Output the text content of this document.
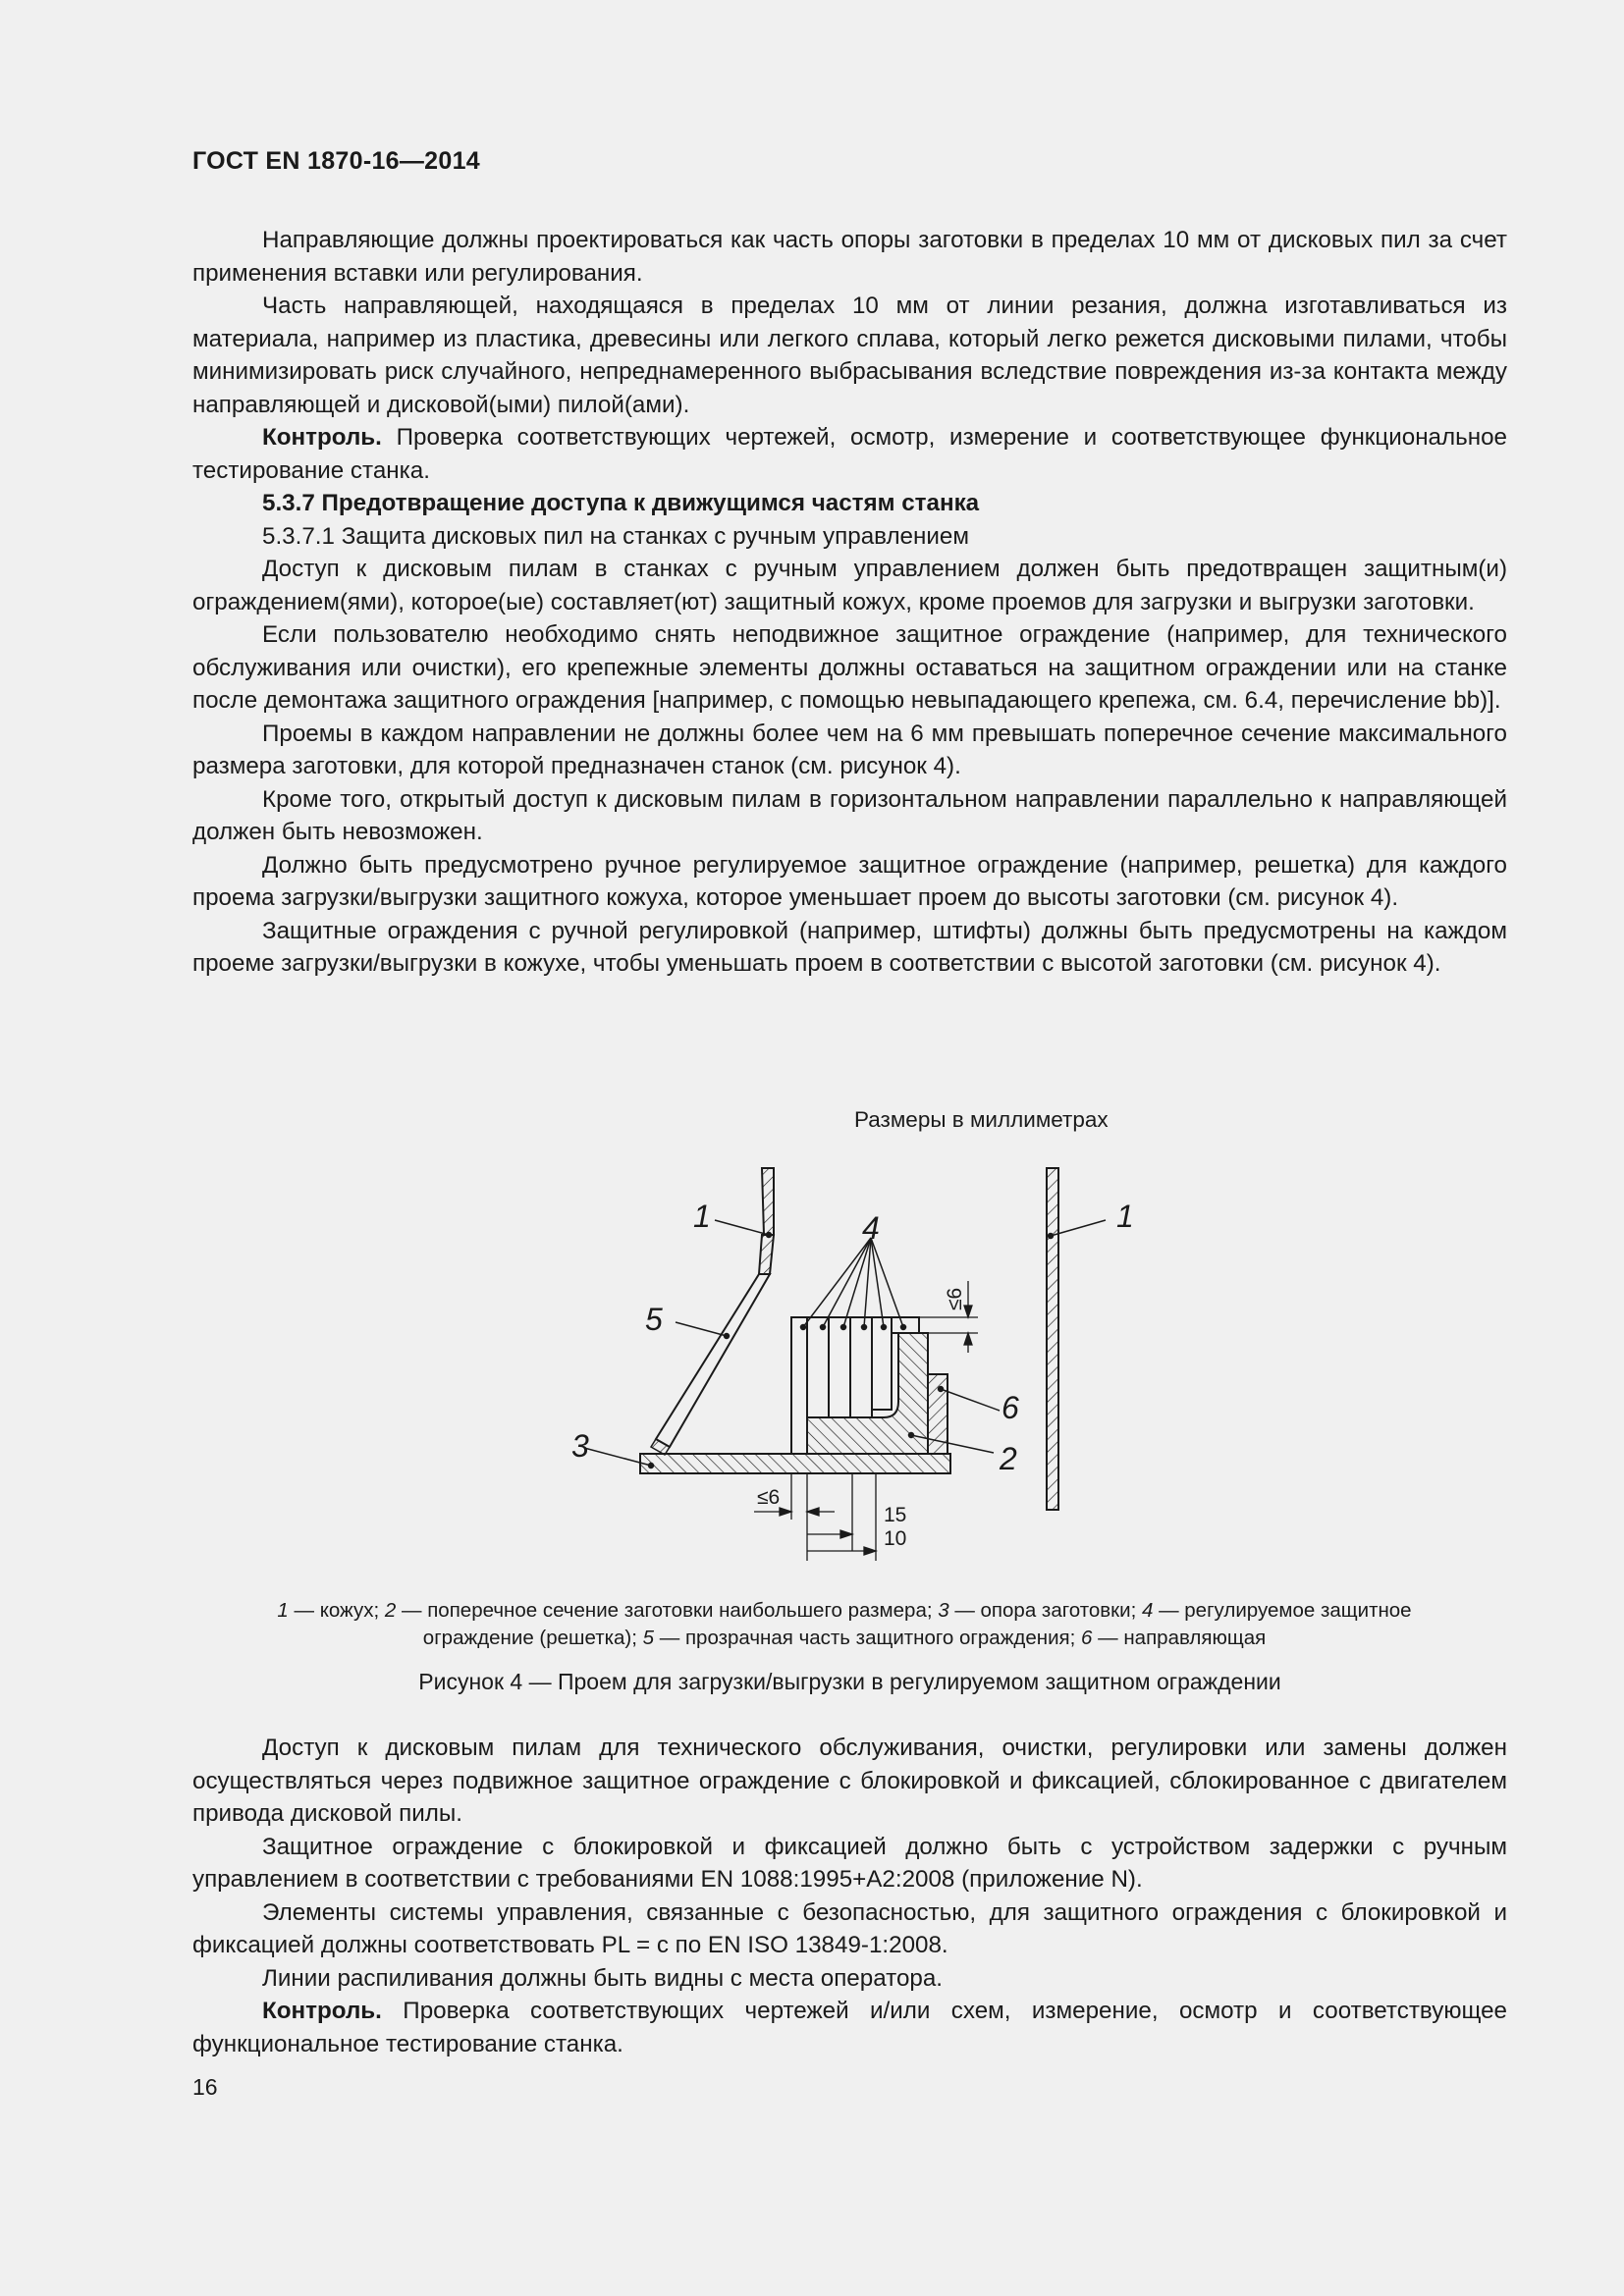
ГОСТ EN 1870-16—2014

Направляющие должны проектироваться как часть опоры заготовки в пределах 10 мм от дисковых пил за счет применения вставки или регулирования.

Часть направляющей, находящаяся в пределах 10 мм от линии резания, должна изготавливаться из материала, например из пластика, древесины или легкого сплава, который легко режется дисковыми пилами, чтобы минимизировать риск случайного, непреднамеренного выбрасывания вследствие повреждения из-за контакта между направляющей и дисковой(ыми) пилой(ами).

Контроль. Проверка соответствующих чертежей, осмотр, измерение и соответствующее функциональное тестирование станка.

5.3.7 Предотвращение доступа к движущимся частям станка

5.3.7.1 Защита дисковых пил на станках с ручным управлением

Доступ к дисковым пилам в станках с ручным управлением должен быть предотвращен защитным(и) ограждением(ями), которое(ые) составляет(ют) защитный кожух, кроме проемов для загрузки и выгрузки заготовки.

Если пользователю необходимо снять неподвижное защитное ограждение (например, для технического обслуживания или очистки), его крепежные элементы должны оставаться на защитном ограждении или на станке после демонтажа защитного ограждения [например, с помощью невыпадающего крепежа, см. 6.4, перечисление bb)].

Проемы в каждом направлении не должны более чем на 6 мм превышать поперечное сечение максимального размера заготовки, для которой предназначен станок (см. рисунок 4).

Кроме того, открытый доступ к дисковым пилам в горизонтальном направлении параллельно к направляющей должен быть невозможен.

Должно быть предусмотрено ручное регулируемое защитное ограждение (например, решетка) для каждого проема загрузки/выгрузки защитного кожуха, которое уменьшает проем до высоты заготовки (см. рисунок 4).

Защитные ограждения с ручной регулировкой (например, штифты) должны быть предусмотрены на каждом проеме загрузки/выгрузки в кожухе, чтобы уменьшать проем в соответствии с высотой заготовки (см. рисунок 4).

Размеры в миллиметрах
1	1
4
5
3
6
2
≤6
≤6
15
10
1 — кожух; 2 — поперечное сечение заготовки наибольшего размера; 3 — опора заготовки; 4 — регулируемое защитное ограждение (решетка); 5 — прозрачная часть защитного ограждения; 6 — направляющая
Рисунок 4 — Проем для загрузки/выгрузки в регулируемом защитном ограждении

Доступ к дисковым пилам для технического обслуживания, очистки, регулировки или замены должен осуществляться через подвижное защитное ограждение с блокировкой и фиксацией, сблокированное с двигателем привода дисковой пилы.

Защитное ограждение с блокировкой и фиксацией должно быть с устройством задержки с ручным управлением в соответствии с требованиями EN 1088:1995+A2:2008 (приложение N).

Элементы системы управления, связанные с безопасностью, для защитного ограждения с блокировкой и фиксацией должны соответствовать PL = c по EN ISO 13849-1:2008.

Линии распиливания должны быть видны с места оператора.

Контроль. Проверка соответствующих чертежей и/или схем, измерение, осмотр и соответствующее функциональное тестирование станка.

16
